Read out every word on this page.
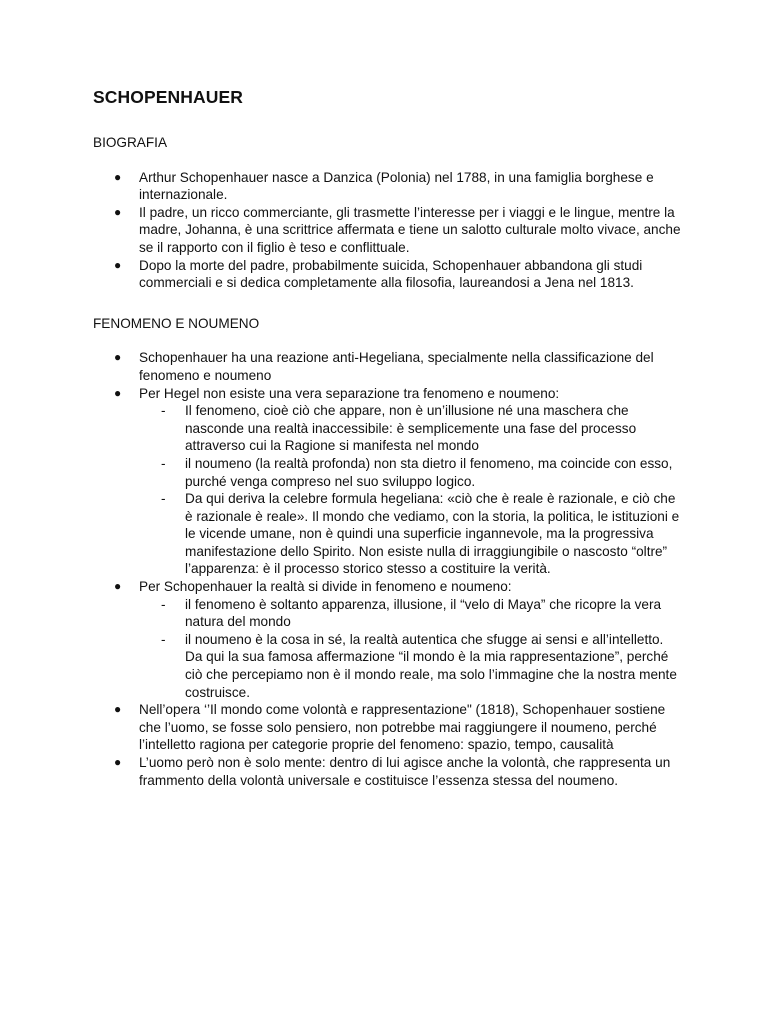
SCHOPENHAUER

BIOGRAFIA

● Arthur Schopenhauer nasce a Danzica (Polonia) nel 1788, in una famiglia borghese e internazionale.
● Il padre, un ricco commerciante, gli trasmette l’interesse per i viaggi e le lingue, mentre la madre, Johanna, è una scrittrice affermata e tiene un salotto culturale molto vivace, anche se il rapporto con il figlio è teso e conflittuale.
● Dopo la morte del padre, probabilmente suicida, Schopenhauer abbandona gli studi commerciali e si dedica completamente alla filosofia, laureandosi a Jena nel 1813.

FENOMENO E NOUMENO

● Schopenhauer ha una reazione anti-Hegeliana, specialmente nella classificazione del fenomeno e noumeno
● Per Hegel non esiste una vera separazione tra fenomeno e noumeno:
- Il fenomeno, cioè ciò che appare, non è un’illusione né una maschera che nasconde una realtà inaccessibile: è semplicemente una fase del processo attraverso cui la Ragione si manifesta nel mondo
- il noumeno (la realtà profonda) non sta dietro il fenomeno, ma coincide con esso, purché venga compreso nel suo sviluppo logico.
- Da qui deriva la celebre formula hegeliana: «ciò che è reale è razionale, e ciò che è razionale è reale». Il mondo che vediamo, con la storia, la politica, le istituzioni e le vicende umane, non è quindi una superficie ingannevole, ma la progressiva manifestazione dello Spirito. Non esiste nulla di irraggiungibile o nascosto “oltre” l’apparenza: è il processo storico stesso a costituire la verità.
● Per Schopenhauer la realtà si divide in fenomeno e noumeno:
- il fenomeno è soltanto apparenza, illusione, il “velo di Maya” che ricopre la vera natura del mondo
- il noumeno è la cosa in sé, la realtà autentica che sfugge ai sensi e all’intelletto. Da qui la sua famosa affermazione “il mondo è la mia rappresentazione”, perché ciò che percepiamo non è il mondo reale, ma solo l’immagine che la nostra mente costruisce.
● Nell’opera ‘’Il mondo come volontà e rappresentazione" (1818), Schopenhauer sostiene che l’uomo, se fosse solo pensiero, non potrebbe mai raggiungere il noumeno, perché l’intelletto ragiona per categorie proprie del fenomeno: spazio, tempo, causalità
● L’uomo però non è solo mente: dentro di lui agisce anche la volontà, che rappresenta un frammento della volontà universale e costituisce l’essenza stessa del noumeno.
